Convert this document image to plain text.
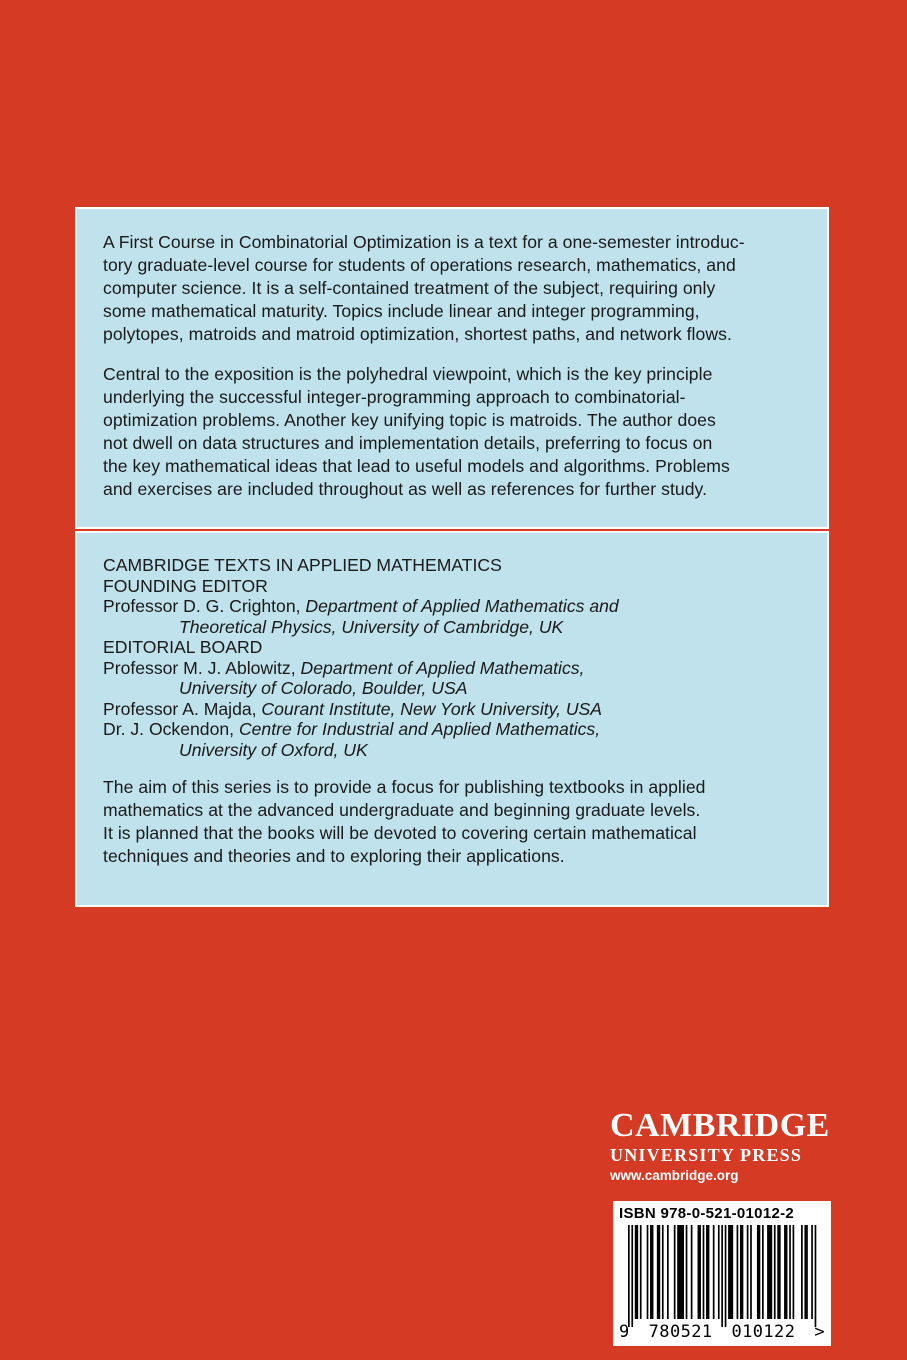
A First Course in Combinatorial Optimization is a text for a one-semester introduc-
tory graduate-level course for students of operations research, mathematics, and
computer science. It is a self-contained treatment of the subject, requiring only
some mathematical maturity. Topics include linear and integer programming,
polytopes, matroids and matroid optimization, shortest paths, and network flows.

Central to the exposition is the polyhedral viewpoint, which is the key principle
underlying the successful integer-programming approach to combinatorial-
optimization problems. Another key unifying topic is matroids. The author does
not dwell on data structures and implementation details, preferring to focus on
the key mathematical ideas that lead to useful models and algorithms. Problems
and exercises are included throughout as well as references for further study.

CAMBRIDGE TEXTS IN APPLIED MATHEMATICS
FOUNDING EDITOR
Professor D. G. Crighton, Department of Applied Mathematics and
Theoretical Physics, University of Cambridge, UK
EDITORIAL BOARD
Professor M. J. Ablowitz, Department of Applied Mathematics,
University of Colorado, Boulder, USA
Professor A. Majda, Courant Institute, New York University, USA
Dr. J. Ockendon, Centre for Industrial and Applied Mathematics,
University of Oxford, UK

The aim of this series is to provide a focus for publishing textbooks in applied
mathematics at the advanced undergraduate and beginning graduate levels.
It is planned that the books will be devoted to covering certain mathematical
techniques and theories and to exploring their applications.

CAMBRIDGE
UNIVERSITY PRESS
www.cambridge.org
ISBN 978-0-521-01012-2
9 780521 010122 >
